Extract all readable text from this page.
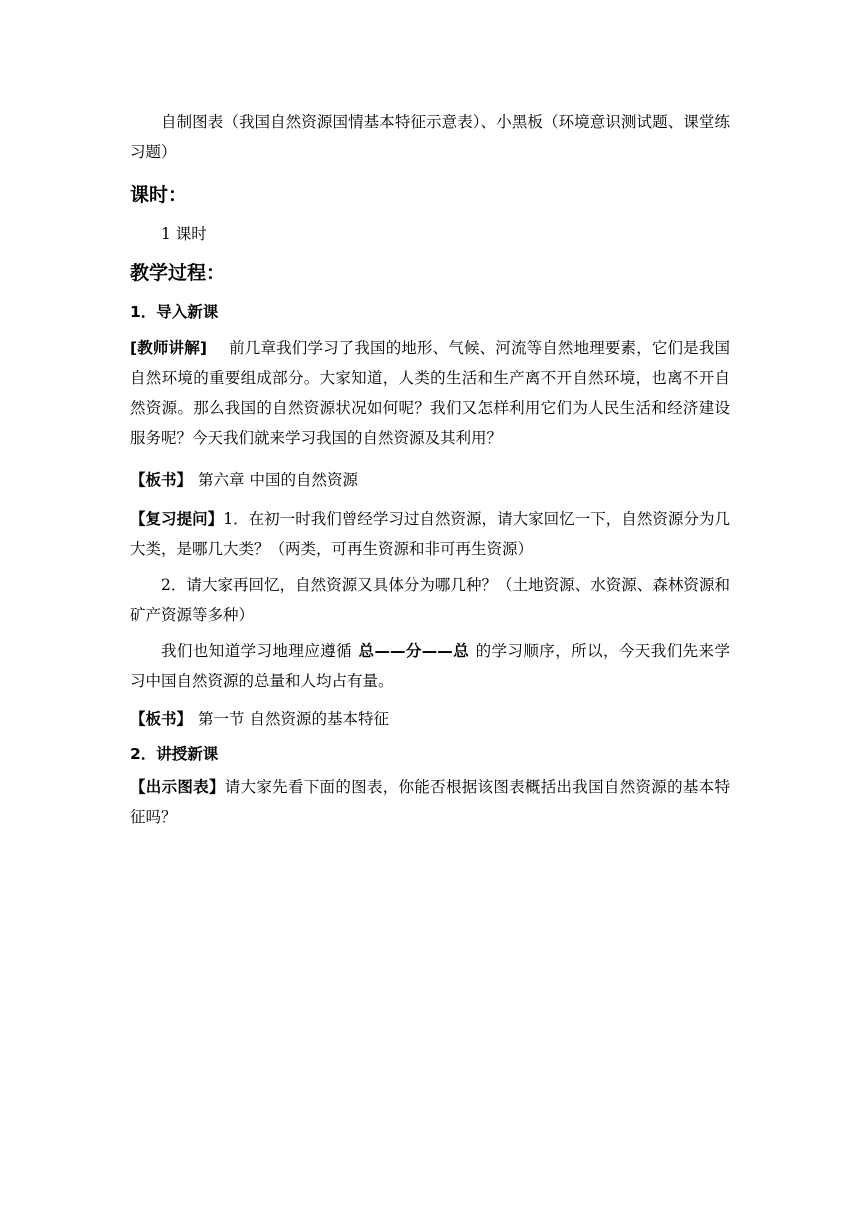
自制图表（我国自然资源国情基本特征示意表）、小黑板（环境意识测试题、课堂练习题）

课时：

1 课时

教学过程：

1．导入新课

[教师讲解] 前几章我们学习了我国的地形、气候、河流等自然地理要素，它们是我国自然环境的重要组成部分。大家知道，人类的生活和生产离不开自然环境，也离不开自然资源。那么我国的自然资源状况如何呢？我们又怎样利用它们为人民生活和经济建设服务呢？今天我们就来学习我国的自然资源及其利用？

【板书】 第六章 中国的自然资源

【复习提问】1．在初一时我们曾经学习过自然资源，请大家回忆一下，自然资源分为几大类，是哪几大类？（两类，可再生资源和非可再生资源）

2．请大家再回忆，自然资源又具体分为哪几种？（土地资源、水资源、森林资源和矿产资源等多种）

我们也知道学习地理应遵循 总——分——总 的学习顺序，所以，今天我们先来学习中国自然资源的总量和人均占有量。

【板书】 第一节 自然资源的基本特征

2．讲授新课

【出示图表】请大家先看下面的图表，你能否根据该图表概括出我国自然资源的基本特征吗？
